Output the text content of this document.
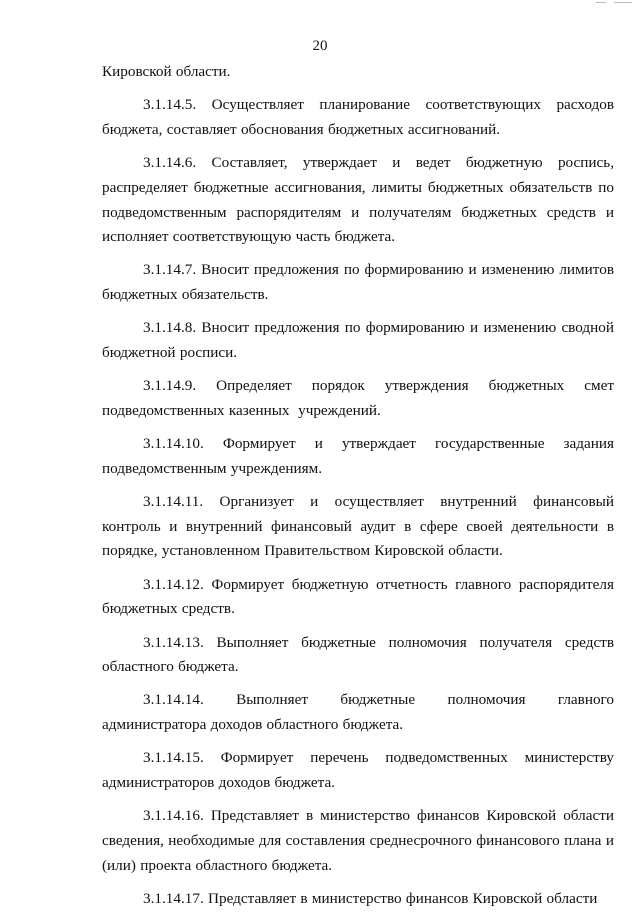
20

Кировской области.

3.1.14.5.  Осуществляет  планирование  соответствующих  расходов бюджета, составляет обоснования бюджетных ассигнований.

3.1.14.6.  Составляет,  утверждает  и  ведет  бюджетную  роспись, распределяет бюджетные ассигнования, лимиты бюджетных обязательств по подведомственным распорядителям и получателям бюджетных средств и исполняет соответствующую часть бюджета.

3.1.14.7. Вносит предложения по формированию и изменению лимитов бюджетных обязательств.

3.1.14.8. Вносит предложения по формированию и изменению сводной бюджетной росписи.

3.1.14.9.   Определяет   порядок   утверждения   бюджетных   смет подведомственных казенных  учреждений.

3.1.14.10.   Формирует   и   утверждает   государственные   задания подведомственным учреждениям.

3.1.14.11.  Организует  и  осуществляет  внутренний  финансовый контроль и внутренний финансовый аудит в сфере своей деятельности в порядке, установленном Правительством Кировской области.

3.1.14.12. Формирует бюджетную отчетность главного распорядителя бюджетных средств.

3.1.14.13.  Выполняет  бюджетные  полномочия  получателя  средств областного бюджета.

3.1.14.14.      Выполняет      бюджетные      полномочия      главного администратора доходов областного бюджета.

3.1.14.15.   Формирует   перечень   подведомственных   министерству администраторов доходов бюджета.

3.1.14.16. Представляет в министерство финансов Кировской области сведения, необходимые для составления среднесрочного финансового плана и (или) проекта областного бюджета.

3.1.14.17. Представляет в министерство финансов Кировской области
